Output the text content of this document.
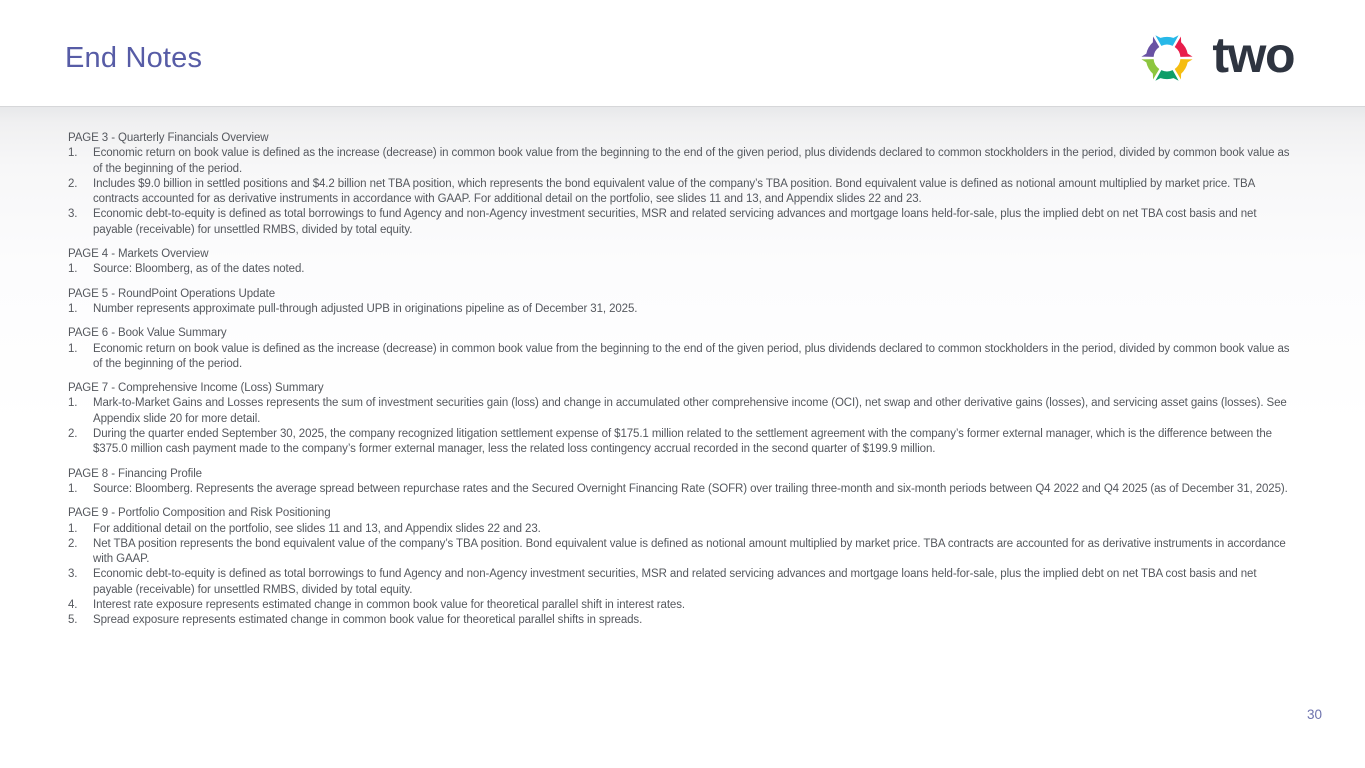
End Notes	two
PAGE 3 - Quarterly Financials Overview
1.	Economic return on book value is defined as the increase (decrease) in common book value from the beginning to the end of the given period, plus dividends declared to common stockholders in the period, divided by common book value as of the beginning of the period.
2.	Includes $9.0 billion in settled positions and $4.2 billion net TBA position, which represents the bond equivalent value of the company’s TBA position. Bond equivalent value is defined as notional amount multiplied by market price. TBA contracts accounted for as derivative instruments in accordance with GAAP. For additional detail on the portfolio, see slides 11 and 13, and Appendix slides 22 and 23.
3.	Economic debt-to-equity is defined as total borrowings to fund Agency and non-Agency investment securities, MSR and related servicing advances and mortgage loans held-for-sale, plus the implied debt on net TBA cost basis and net payable (receivable) for unsettled RMBS, divided by total equity.
PAGE 4 - Markets Overview
1.	Source: Bloomberg, as of the dates noted.
PAGE 5 - RoundPoint Operations Update
1.	Number represents approximate pull-through adjusted UPB in originations pipeline as of December 31, 2025.
PAGE 6 - Book Value Summary
1.	Economic return on book value is defined as the increase (decrease) in common book value from the beginning to the end of the given period, plus dividends declared to common stockholders in the period, divided by common book value as of the beginning of the period.
PAGE 7 - Comprehensive Income (Loss) Summary
1.	Mark-to-Market Gains and Losses represents the sum of investment securities gain (loss) and change in accumulated other comprehensive income (OCI), net swap and other derivative gains (losses), and servicing asset gains (losses). See Appendix slide 20 for more detail.
2.	During the quarter ended September 30, 2025, the company recognized litigation settlement expense of $175.1 million related to the settlement agreement with the company’s former external manager, which is the difference between the $375.0 million cash payment made to the company’s former external manager, less the related loss contingency accrual recorded in the second quarter of $199.9 million.
PAGE 8 - Financing Profile
1.	Source: Bloomberg. Represents the average spread between repurchase rates and the Secured Overnight Financing Rate (SOFR) over trailing three-month and six-month periods between Q4 2022 and Q4 2025 (as of December 31, 2025).
PAGE 9 - Portfolio Composition and Risk Positioning
1.	For additional detail on the portfolio, see slides 11 and 13, and Appendix slides 22 and 23.
2.	Net TBA position represents the bond equivalent value of the company’s TBA position. Bond equivalent value is defined as notional amount multiplied by market price. TBA contracts are accounted for as derivative instruments in accordance with GAAP.
3.	Economic debt-to-equity is defined as total borrowings to fund Agency and non-Agency investment securities, MSR and related servicing advances and mortgage loans held-for-sale, plus the implied debt on net TBA cost basis and net payable (receivable) for unsettled RMBS, divided by total equity.
4.	Interest rate exposure represents estimated change in common book value for theoretical parallel shift in interest rates.
5.	Spread exposure represents estimated change in common book value for theoretical parallel shifts in spreads.
30
